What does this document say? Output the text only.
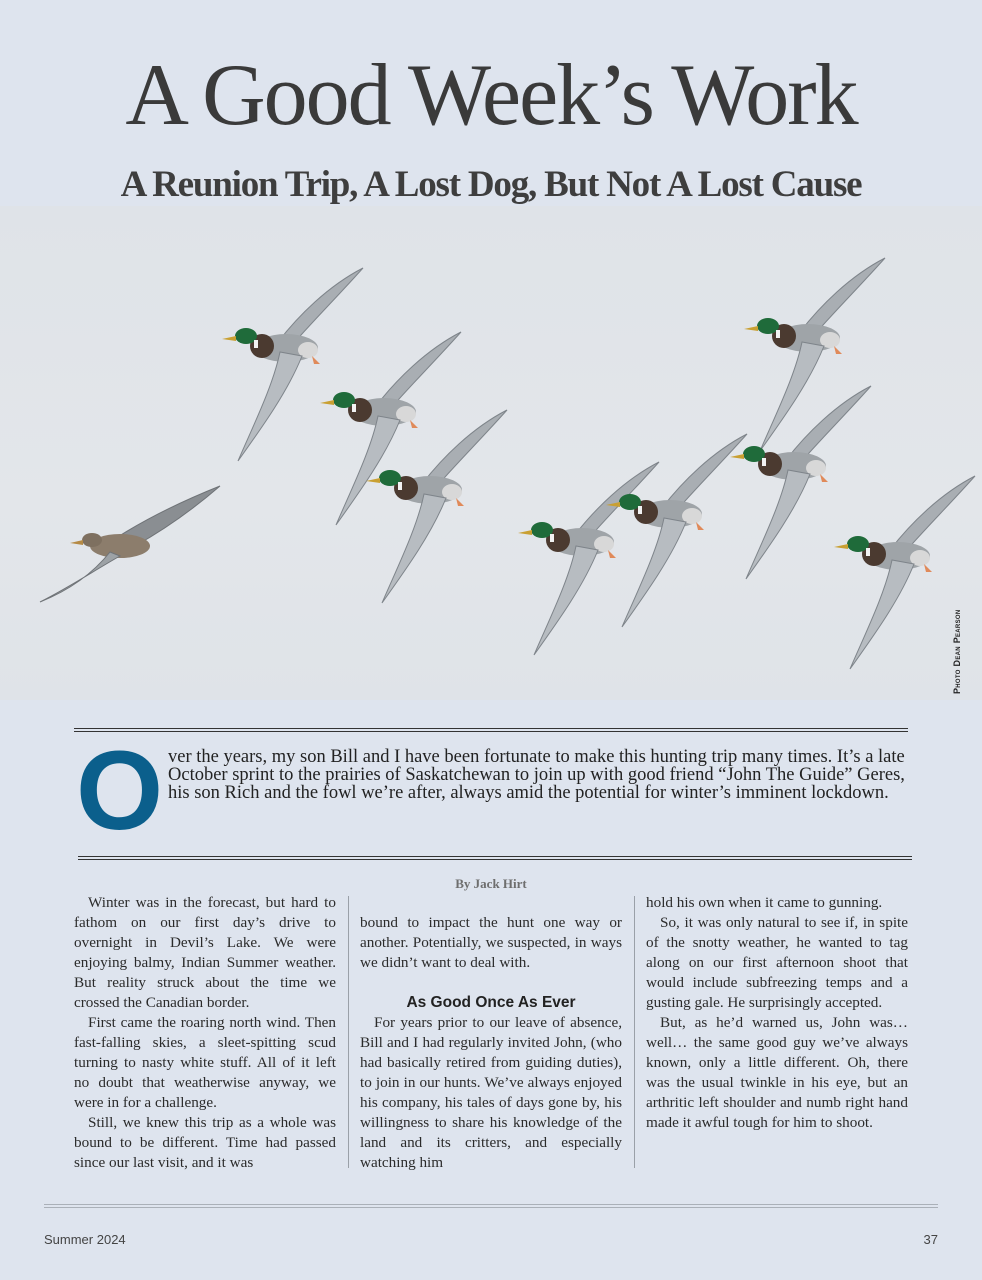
A Good Week’s Work
A Reunion Trip, A Lost Dog, But Not A Lost Cause
Photo Dean Pearson

O ver the years, my son Bill and I have been fortunate to make this hunting trip many times. It’s a late October sprint to the prairies of Saskatchewan to join up with good friend “John The Guide” Geres, his son Rich and the fowl we’re after, always amid the potential for winter’s imminent lockdown.

By Jack Hirt

Winter was in the forecast, but hard to fathom on our first day’s drive to overnight in Devil’s Lake. We were enjoying balmy, Indian Summer weather. But reality struck about the time we crossed the Canadian border.

First came the roaring north wind. Then fast-falling skies, a sleet-spitting scud turning to nasty white stuff. All of it left no doubt that weatherwise anyway, we were in for a challenge.

Still, we knew this trip as a whole was bound to be different. Time had passed since our last visit, and it was

bound to impact the hunt one way or another. Potentially, we suspected, in ways we didn’t want to deal with.

As Good Once As Ever

For years prior to our leave of absence, Bill and I had regularly invited John, (who had basically retired from guiding duties), to join in our hunts. We’ve always enjoyed his company, his tales of days gone by, his willingness to share his knowledge of the land and its critters, and especially watching him

hold his own when it came to gunning.

So, it was only natural to see if, in spite of the snotty weather, he wanted to tag along on our first afternoon shoot that would include subfreezing temps and a gusting gale. He surprisingly accepted.

But, as he’d warned us, John was… well… the same good guy we’ve always known, only a little different. Oh, there was the usual twinkle in his eye, but an arthritic left shoulder and numb right hand made it awful tough for him to shoot.

Summer 2024	37
